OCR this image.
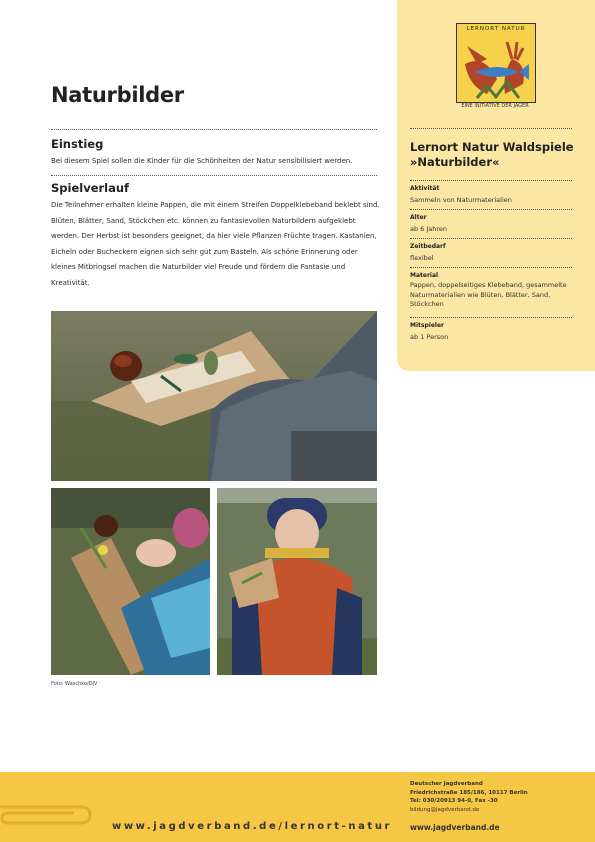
Naturbilder
Einstieg
Bei diesem Spiel sollen die Kinder für die Schönheiten der Natur sensibilisiert werden.
Spielverlauf
Die Teilnehmer erhalten kleine Pappen, die mit einem Streifen Doppelklebeband beklebt sind. Blüten, Blätter, Sand, Stöckchen etc. können zu fantasievollen Naturbildern aufgeklebt werden. Der Herbst ist besonders geeignet, da hier viele Pflanzen Früchte tragen. Kastanien, Eicheln oder Bucheckern eignen sich sehr gut zum Basteln. Als schöne Erinnerung oder kleines Mitbringsel machen die Naturbilder viel Freude und fördern die Fantasie und Kreativität.
Foto: Waschko/DJV
LERNORT NATUR
EINE INITIATIVE DER JÄGER
Lernort Natur Waldspiele
»Naturbilder«
Aktivität
Sammeln von Naturmaterialien
Alter
ab 6 Jahren
Zeitbedarf
flexibel
Material
Pappen, doppelseitiges Klebeband, gesammelte Naturmaterialien wie Blüten, Blätter, Sand, Stöckchen
Mitspieler
ab 1 Person
www.jagdverband.de/lernort-natur
Deutscher Jagdverband
Friedrichstraße 185/186, 10117 Berlin
Tel: 030/20913 94-0, Fax -30
bildung@jagdverband.de
www.jagdverband.de
